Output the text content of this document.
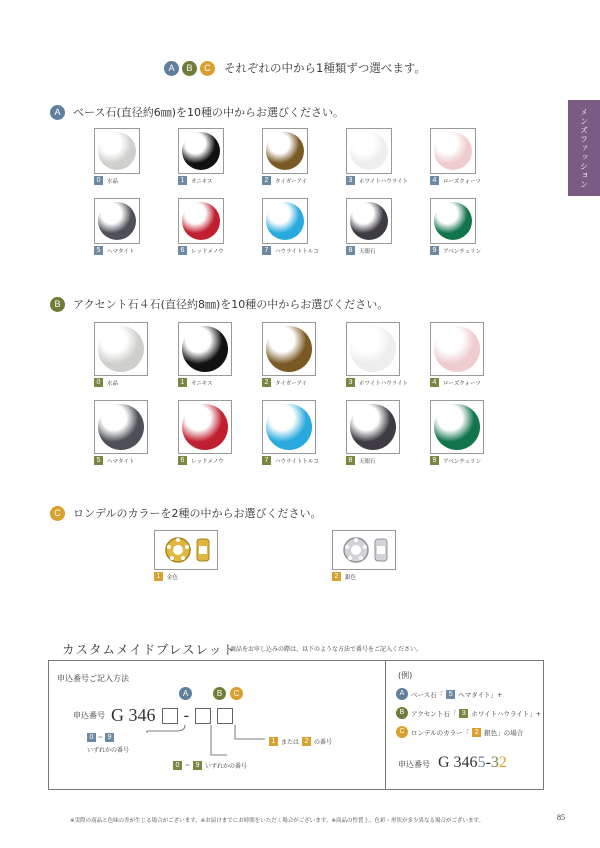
A	B	C	それぞれの中から1種類ずつ選べます。
メンズファッション
A	ベース石(直径約6㎜)を10種の中からお選びください。
0	水晶	1	オニキス	2	タイガーアイ	3	ホワイトハウライト	4	ローズクォーツ
5	ヘマタイト	6	レッドメノウ	7	ハウライトトルコ	8	天眼石	9	アベンチュリン
B	アクセント石４石(直径約8㎜)を10種の中からお選びください。
0	水晶	1	オニキス	2	タイガーアイ	3	ホワイトハウライト	4	ローズクォーツ
5	ヘマタイト	6	レッドメノウ	7	ハウライトトルコ	8	天眼石	9	アベンチュリン
C	ロンデルのカラーを2種の中からお選びください。
1	金色	2	銀色
カスタムメイドブレスレット
商品をお申し込みの際は、以下のような方法で番号をご記入ください。
申込番号ご記入方法
A	B	C
申込番号 G 346 -
0 ~ 9
いずれかの番号
0 ~ 9 いずれかの番号
1 または 2 の番号
(例)
A	ベース石「 5 ヘマタイト」+
B	アクセント石「 3 ホワイトハウライト」+
C ロンデルのカラー「 2 銀色」の場合
申込番号 G 3465-32
※実際の商品と色味の差が生じる場合がございます。※お届けまでにお時間をいただく場合がございます。※商品の性質上、色彩・形状が多少異なる場合がございます。	85
